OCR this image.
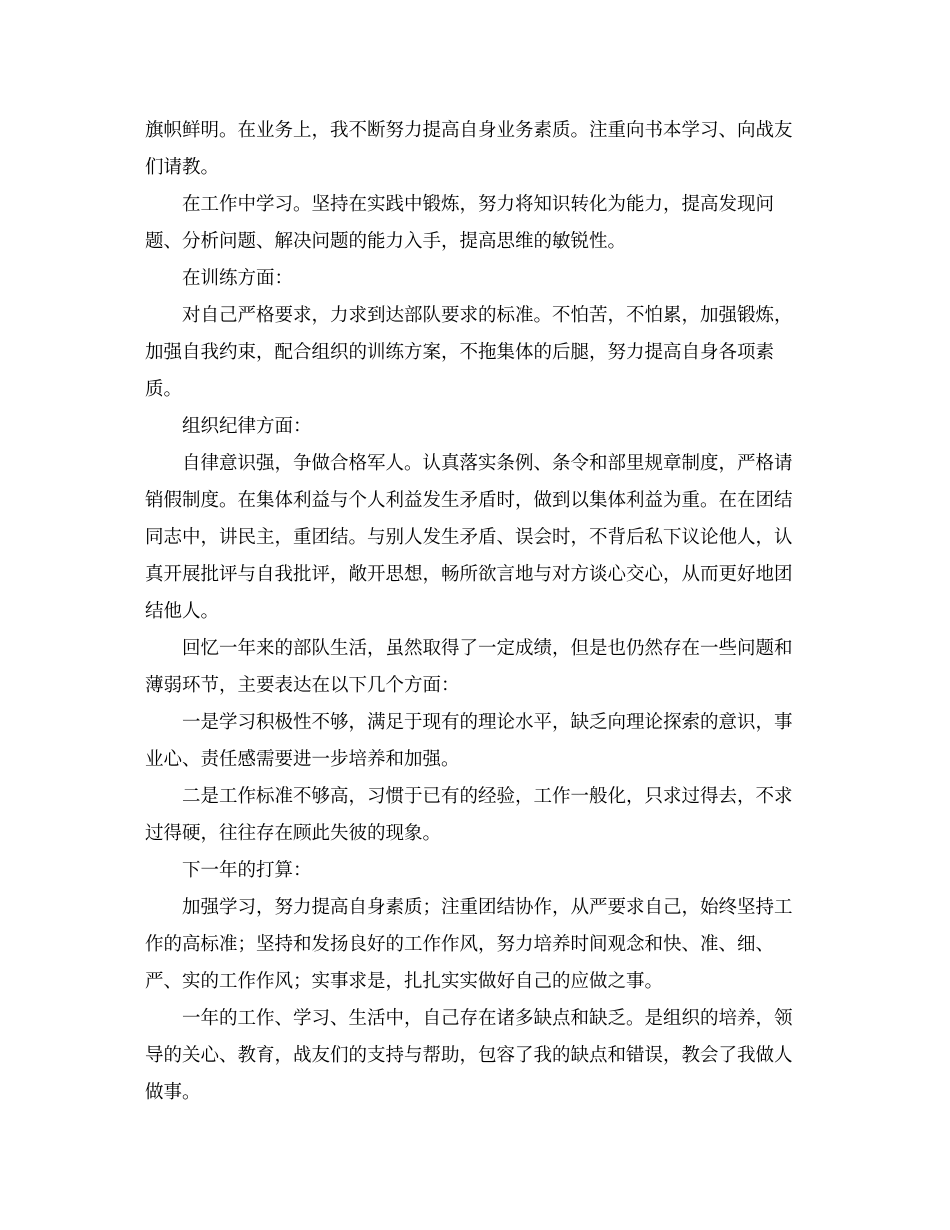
旗帜鲜明。在业务上，我不断努力提高自身业务素质。注重向书本学习、向战友们请教。

在工作中学习。坚持在实践中锻炼，努力将知识转化为能力，提高发现问题、分析问题、解决问题的能力入手，提高思维的敏锐性。

在训练方面：

对自己严格要求，力求到达部队要求的标准。不怕苦，不怕累，加强锻炼，加强自我约束，配合组织的训练方案，不拖集体的后腿，努力提高自身各项素质。

组织纪律方面：

自律意识强，争做合格军人。认真落实条例、条令和部里规章制度，严格请销假制度。在集体利益与个人利益发生矛盾时，做到以集体利益为重。在在团结同志中，讲民主，重团结。与别人发生矛盾、误会时，不背后私下议论他人，认真开展批评与自我批评，敞开思想，畅所欲言地与对方谈心交心，从而更好地团结他人。

回忆一年来的部队生活，虽然取得了一定成绩，但是也仍然存在一些问题和薄弱环节，主要表达在以下几个方面：

一是学习积极性不够，满足于现有的理论水平，缺乏向理论探索的意识，事业心、责任感需要进一步培养和加强。

二是工作标准不够高，习惯于已有的经验，工作一般化，只求过得去，不求过得硬，往往存在顾此失彼的现象。

下一年的打算：

加强学习，努力提高自身素质；注重团结协作，从严要求自己，始终坚持工作的高标准；坚持和发扬良好的工作作风，努力培养时间观念和快、准、细、严、实的工作作风；实事求是，扎扎实实做好自己的应做之事。

一年的工作、学习、生活中，自己存在诸多缺点和缺乏。是组织的培养，领导的关心、教育，战友们的支持与帮助，包容了我的缺点和错误，教会了我做人做事。
